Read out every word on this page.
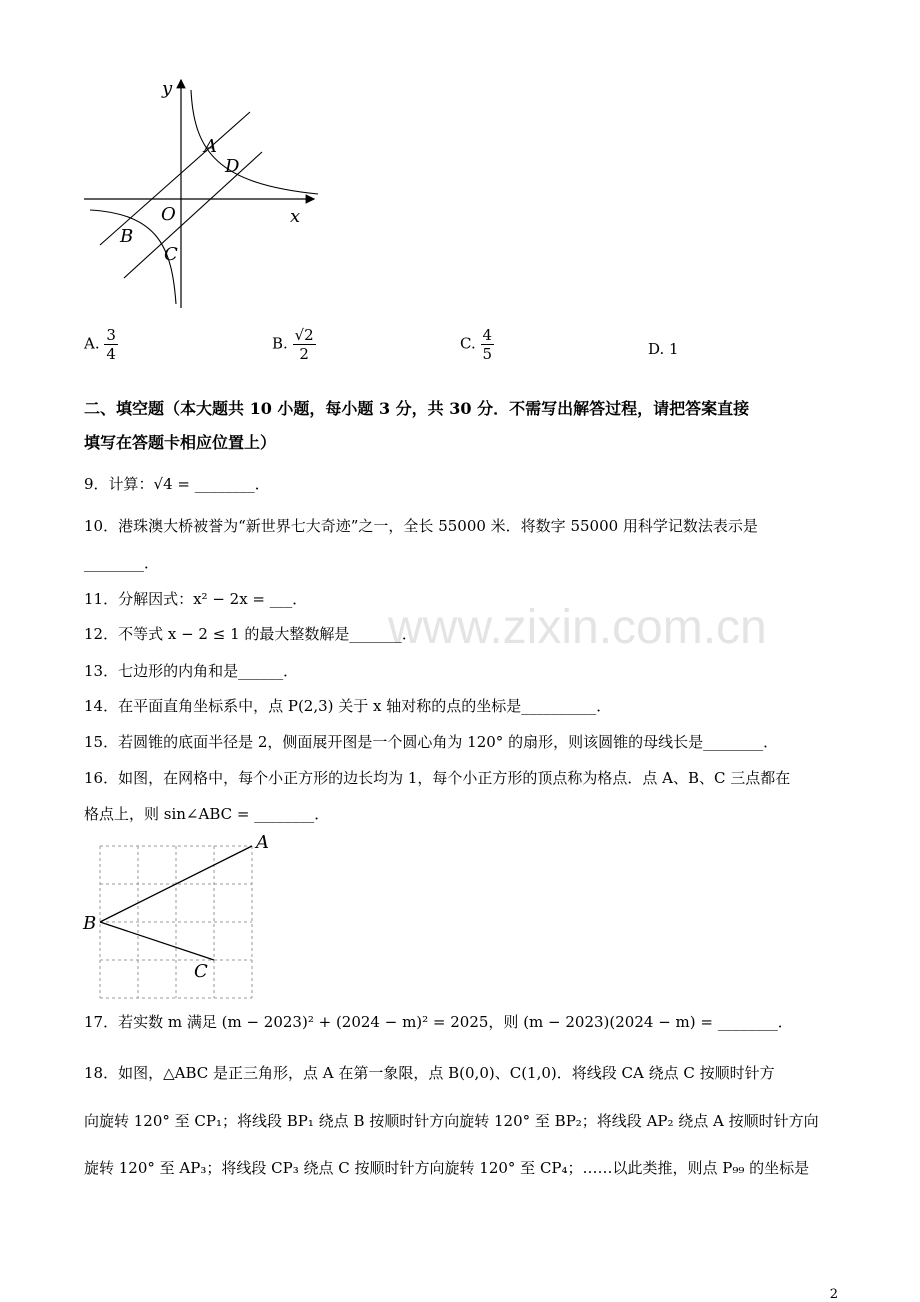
y
x
O
A
D
B
C
A. $\frac{3}{4}$	B. $\frac{√2}{2}$	C. $\frac{4}{5}$	D. 1
二、填空题（本大题共 10 小题，每小题 3 分，共 30 分．不需写出解答过程，请把答案直接
填写在答题卡相应位置上）
9．计算：√4 = ________．
10．港珠澳大桥被誉为“新世界七大奇迹”之一，全长 55000 米．将数字 55000 用科学记数法表示是
________．
11．分解因式：x² − 2x = ___．
12．不等式 x − 2 ≤ 1 的最大整数解是_______．
13．七边形的内角和是______．
14．在平面直角坐标系中，点 P(2,3) 关于 x 轴对称的点的坐标是__________．
15．若圆锥的底面半径是 2，侧面展开图是一个圆心角为 120° 的扇形，则该圆锥的母线长是________．
16．如图，在网格中，每个小正方形的边长均为 1，每个小正方形的顶点称为格点．点 A、B、C 三点都在
格点上，则 sin∠ABC = ________．
A
B
C
17．若实数 m 满足 (m − 2023)² + (2024 − m)² = 2025，则 (m − 2023)(2024 − m) = ________．
18．如图，△ABC 是正三角形，点 A 在第一象限，点 B(0,0)、C(1,0)．将线段 CA 绕点 C 按顺时针方
向旋转 120° 至 CP₁；将线段 BP₁ 绕点 B 按顺时针方向旋转 120° 至 BP₂；将线段 AP₂ 绕点 A 按顺时针方向
旋转 120° 至 AP₃；将线段 CP₃ 绕点 C 按顺时针方向旋转 120° 至 CP₄；……以此类推，则点 P₉₉ 的坐标是
www.zixin.com.cn
2
